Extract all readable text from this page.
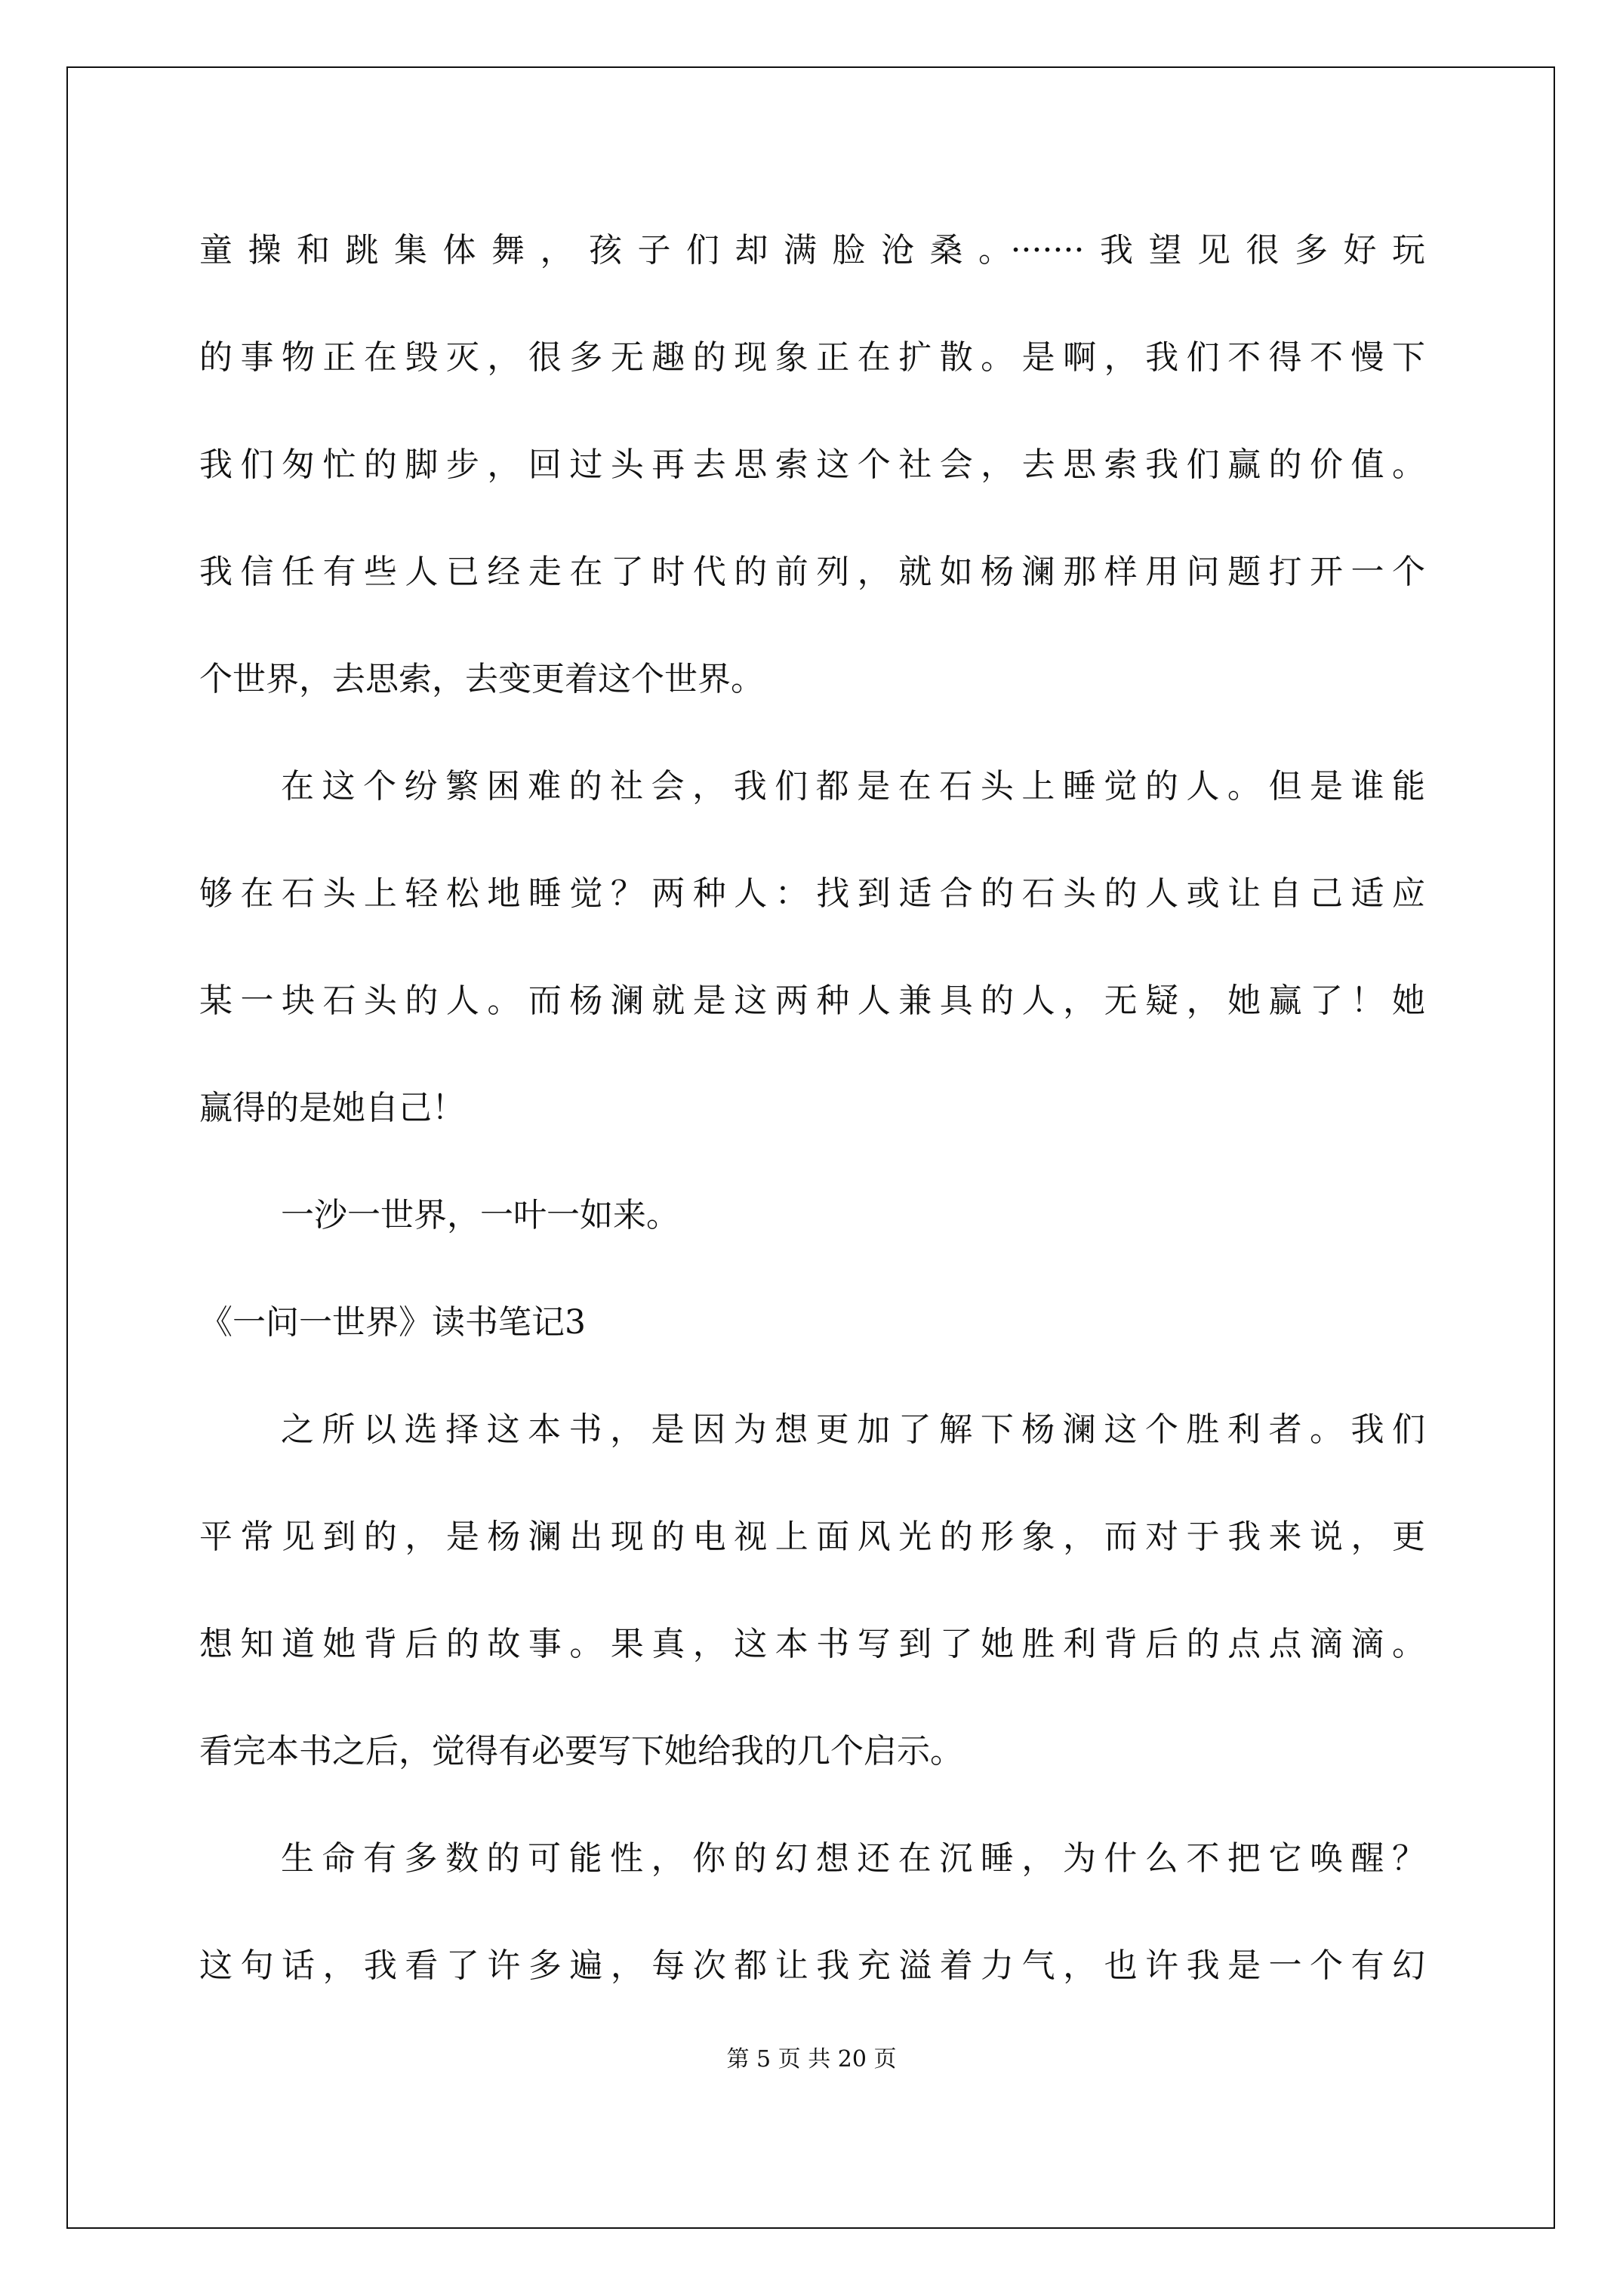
童操和跳集体舞，孩子们却满脸沧桑。·······我望见很多好玩
的事物正在毁灭，很多无趣的现象正在扩散。是啊，我们不得不慢下
我们匆忙的脚步，回过头再去思索这个社会，去思索我们赢的价值。
我信任有些人已经走在了时代的前列，就如杨澜那样用问题打开一个
个世界，去思索，去变更着这个世界。
在这个纷繁困难的社会，我们都是在石头上睡觉的人。但是谁能
够在石头上轻松地睡觉？两种人：找到适合的石头的人或让自己适应
某一块石头的人。而杨澜就是这两种人兼具的人，无疑，她赢了！她
赢得的是她自己！
一沙一世界，一叶一如来。
《一问一世界》读书笔记3
之所以选择这本书，是因为想更加了解下杨澜这个胜利者。我们
平常见到的，是杨澜出现的电视上面风光的形象，而对于我来说，更
想知道她背后的故事。果真，这本书写到了她胜利背后的点点滴滴。
看完本书之后，觉得有必要写下她给我的几个启示。
生命有多数的可能性，你的幻想还在沉睡，为什么不把它唤醒？
这句话，我看了许多遍，每次都让我充溢着力气，也许我是一个有幻
第 5 页 共 20 页
